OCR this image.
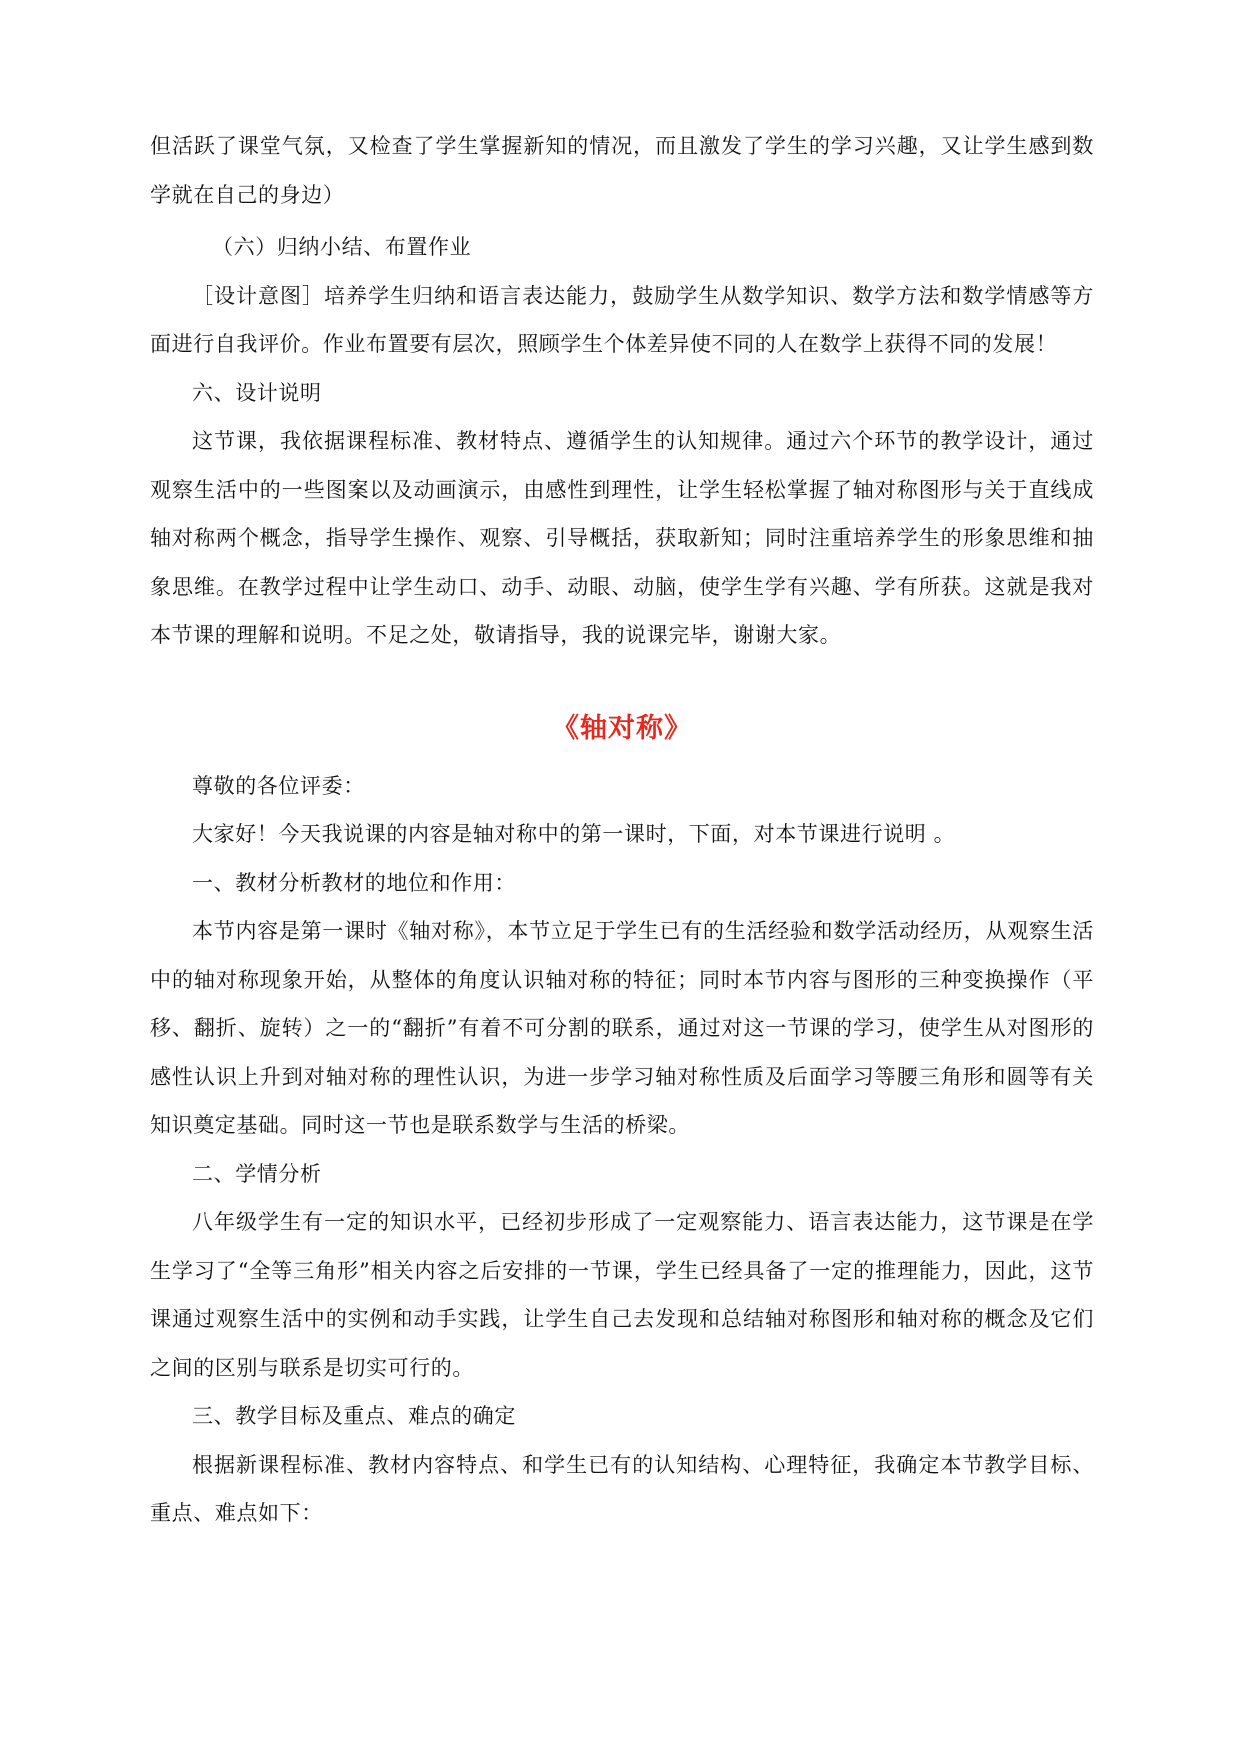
但活跃了课堂气氛，又检查了学生掌握新知的情况，而且激发了学生的学习兴趣，又让学生感到数学就在自己的身边）

（六）归纳小结、布置作业

［设计意图］培养学生归纳和语言表达能力，鼓励学生从数学知识、数学方法和数学情感等方面进行自我评价。作业布置要有层次，照顾学生个体差异使不同的人在数学上获得不同的发展！

六、设计说明

这节课，我依据课程标准、教材特点、遵循学生的认知规律。通过六个环节的教学设计，通过观察生活中的一些图案以及动画演示，由感性到理性，让学生轻松掌握了轴对称图形与关于直线成轴对称两个概念，指导学生操作、观察、引导概括，获取新知；同时注重培养学生的形象思维和抽象思维。在教学过程中让学生动口、动手、动眼、动脑，使学生学有兴趣、学有所获。这就是我对本节课的理解和说明。不足之处，敬请指导，我的说课完毕，谢谢大家。

《轴对称》

尊敬的各位评委：

大家好！今天我说课的内容是轴对称中的第一课时，下面，对本节课进行说明 。

一、教材分析教材的地位和作用：

本节内容是第一课时《轴对称》，本节立足于学生已有的生活经验和数学活动经历，从观察生活中的轴对称现象开始，从整体的角度认识轴对称的特征；同时本节内容与图形的三种变换操作（平移、翻折、旋转）之一的“翻折”有着不可分割的联系，通过对这一节课的学习，使学生从对图形的感性认识上升到对轴对称的理性认识，为进一步学习轴对称性质及后面学习等腰三角形和圆等有关知识奠定基础。同时这一节也是联系数学与生活的桥梁。

二、学情分析

八年级学生有一定的知识水平，已经初步形成了一定观察能力、语言表达能力，这节课是在学生学习了“全等三角形”相关内容之后安排的一节课，学生已经具备了一定的推理能力，因此，这节课通过观察生活中的实例和动手实践，让学生自己去发现和总结轴对称图形和轴对称的概念及它们之间的区别与联系是切实可行的。

三、教学目标及重点、难点的确定

根据新课程标准、教材内容特点、和学生已有的认知结构、心理特征，我确定本节教学目标、重点、难点如下：
